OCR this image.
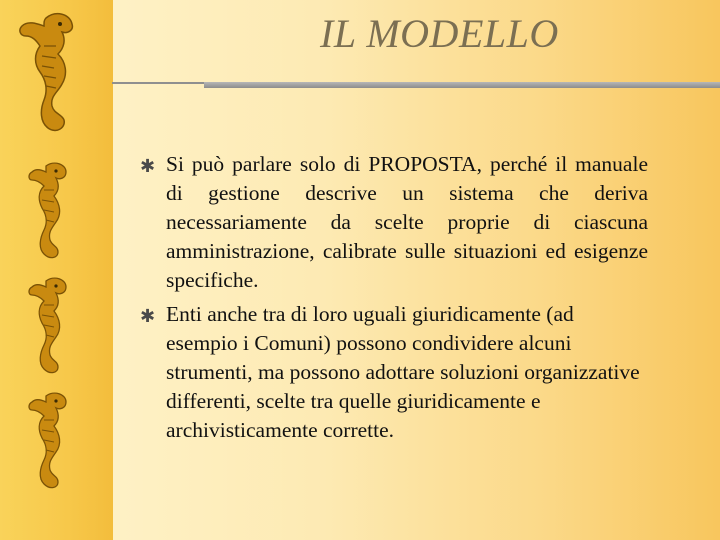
IL MODELLO
✱ Si può parlare solo di PROPOSTA, perché il manuale di gestione descrive un sistema che deriva necessariamente da scelte proprie di ciascuna amministrazione, calibrate sulle situazioni ed esigenze specifiche.
✱ Enti anche tra di loro uguali giuridicamente (ad esempio i Comuni) possono condividere alcuni strumenti, ma possono adottare soluzioni organizzative differenti, scelte tra quelle giuridicamente e archivisticamente corrette.
